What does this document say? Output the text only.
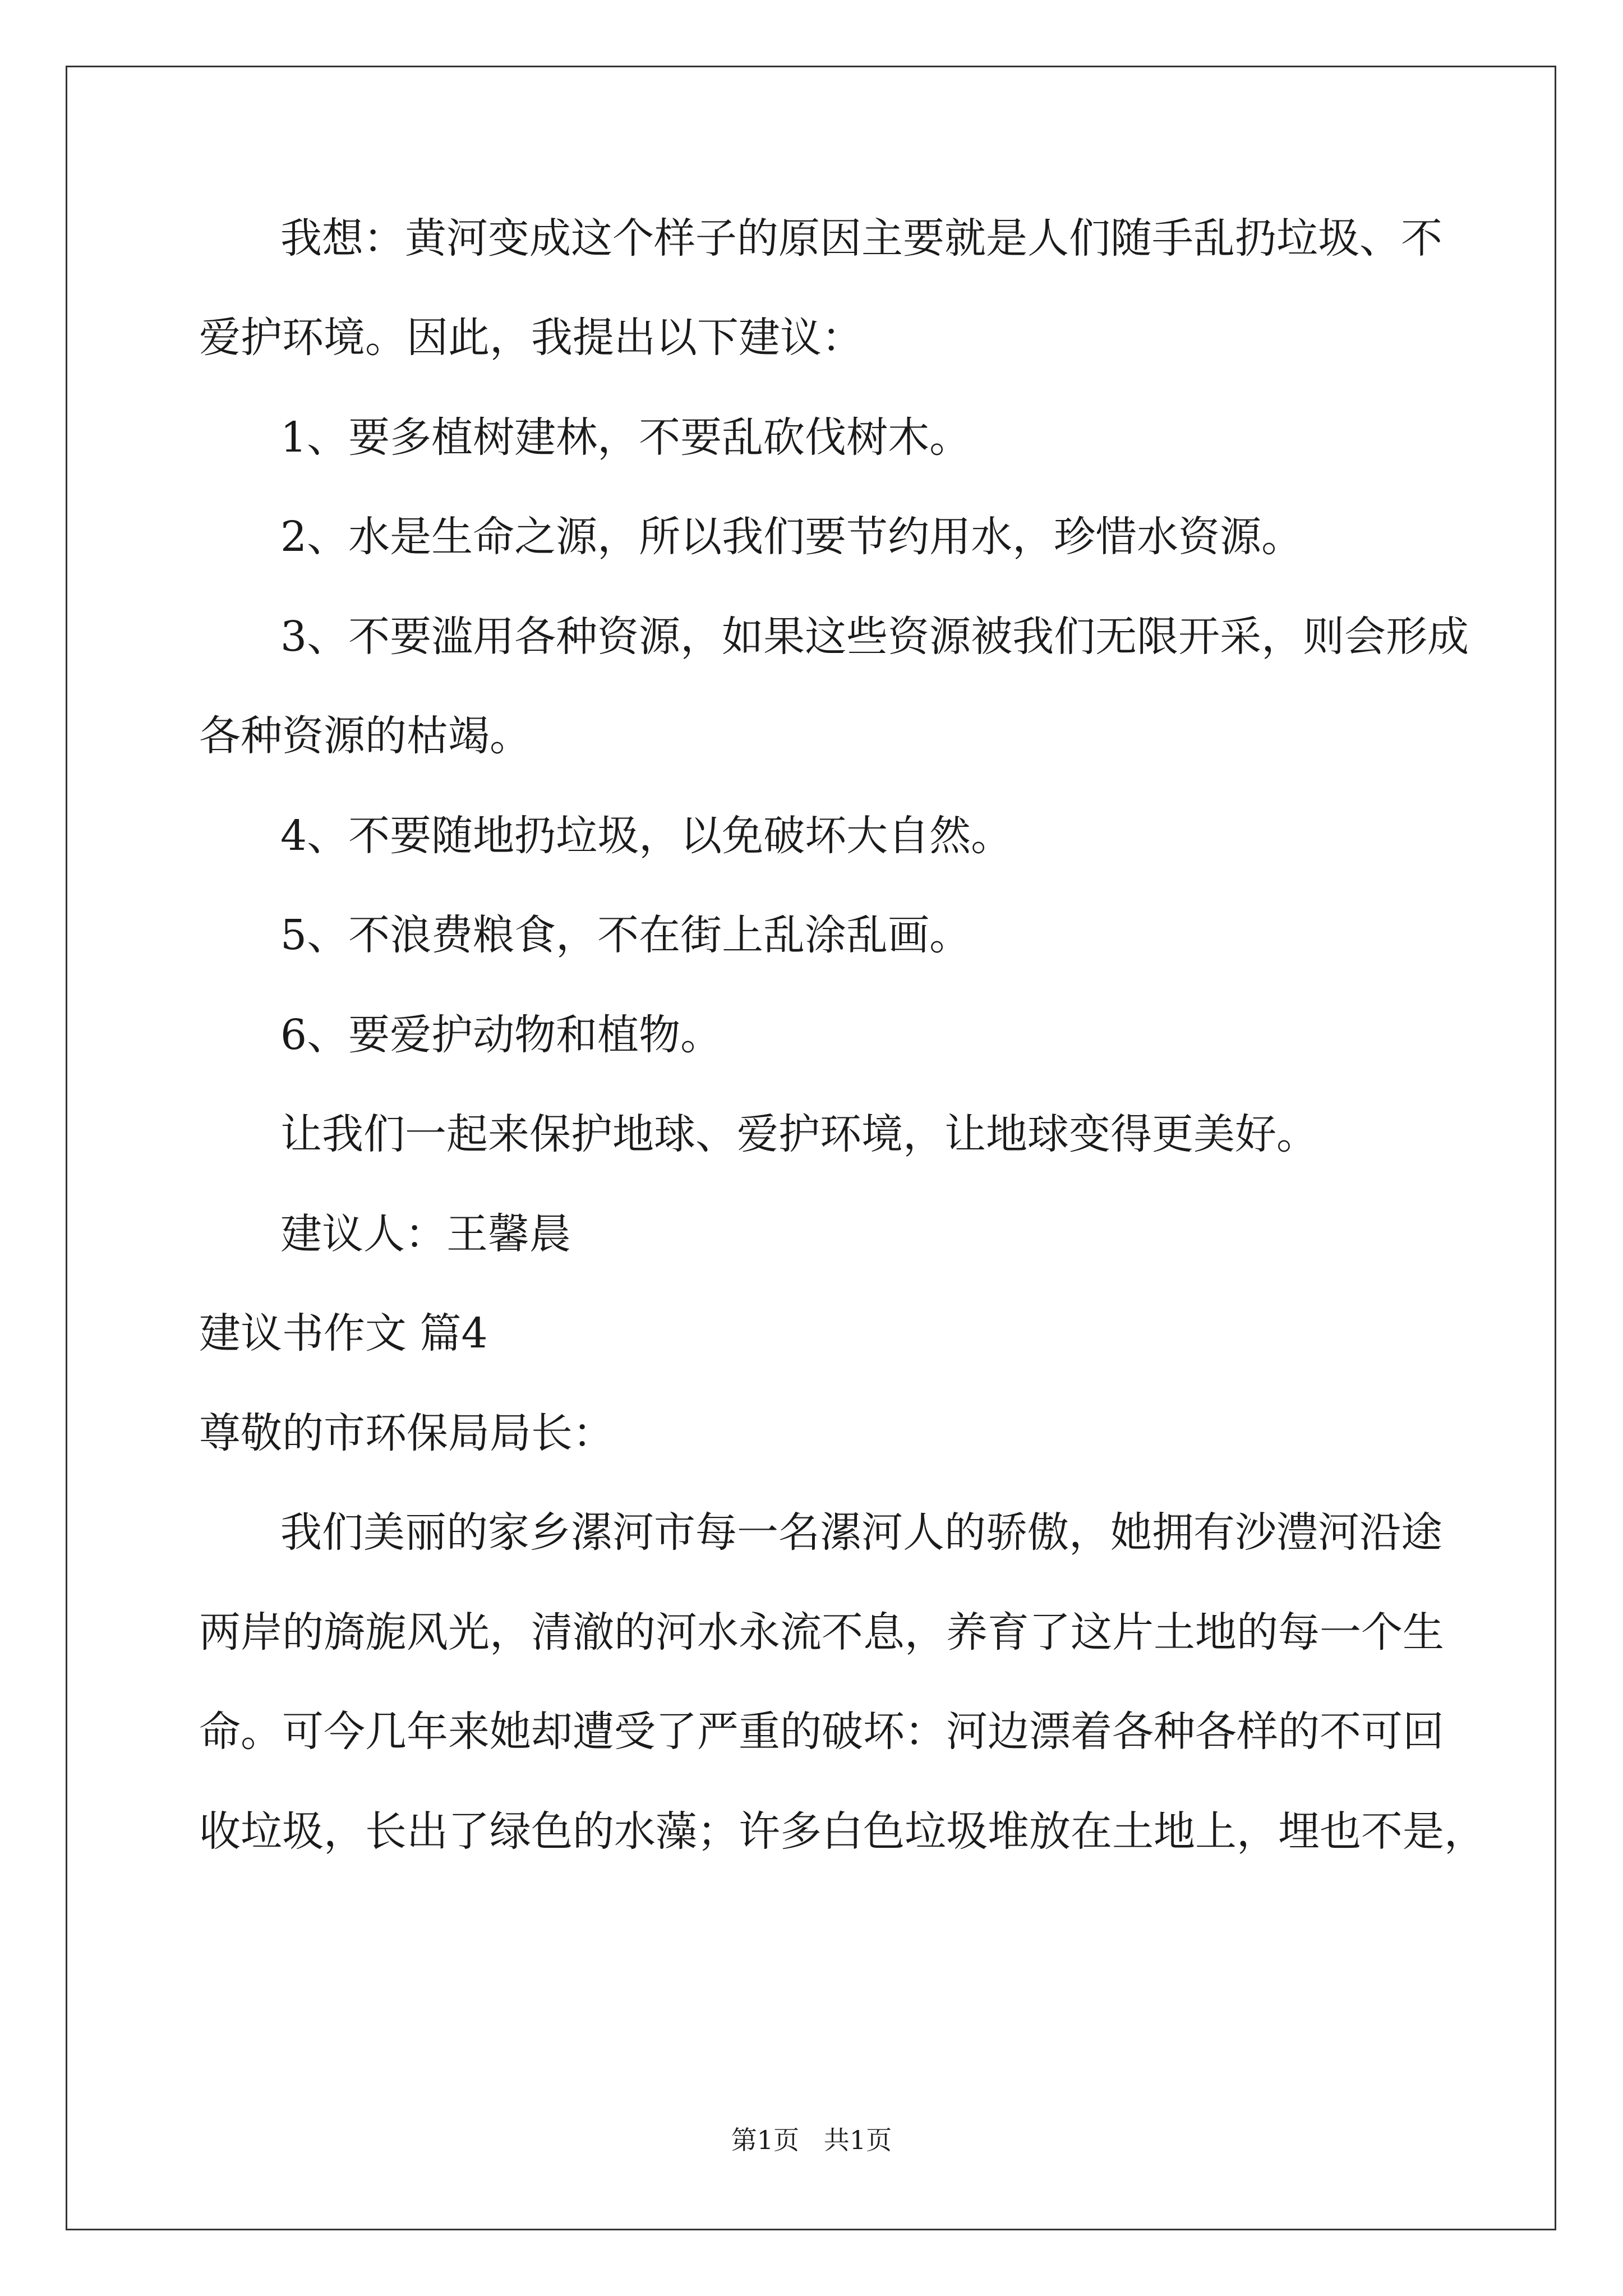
我想：黄河变成这个样子的原因主要就是人们随手乱扔垃圾、不
爱护环境。因此，我提出以下建议：
1、要多植树建林，不要乱砍伐树木。
2、水是生命之源，所以我们要节约用水，珍惜水资源。
3、不要滥用各种资源，如果这些资源被我们无限开采，则会形成
各种资源的枯竭。
4、不要随地扔垃圾，以免破坏大自然。
5、不浪费粮食，不在街上乱涂乱画。
6、要爱护动物和植物。
让我们一起来保护地球、爱护环境，让地球变得更美好。
建议人：王馨晨
建议书作文 篇4
尊敬的市环保局局长：
我们美丽的家乡漯河市每一名漯河人的骄傲，她拥有沙澧河沿途
两岸的旖旎风光，清澈的河水永流不息，养育了这片土地的每一个生
命。可今几年来她却遭受了严重的破坏：河边漂着各种各样的不可回
收垃圾，长出了绿色的水藻；许多白色垃圾堆放在土地上，埋也不是，
第1页   共1页
